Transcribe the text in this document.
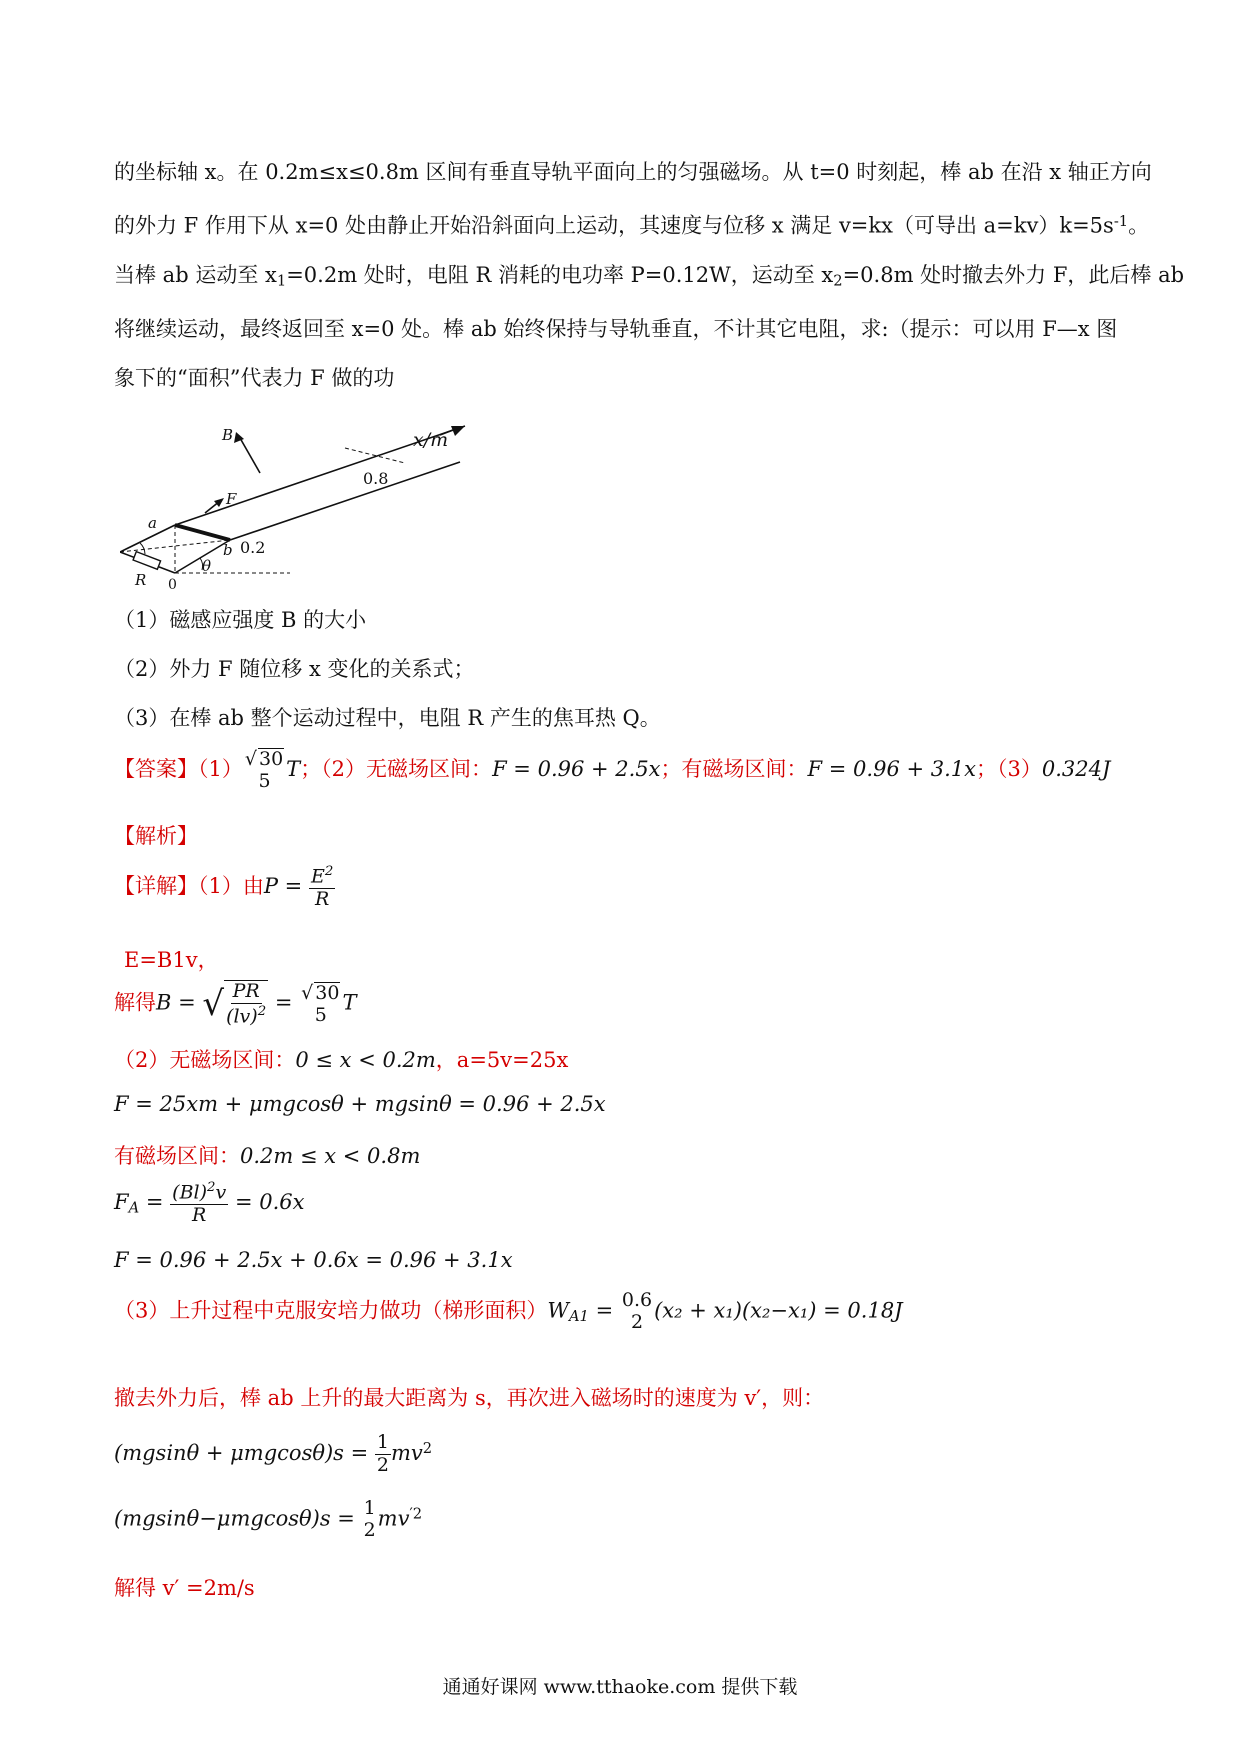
的坐标轴 x。在 0.2m≤x≤0.8m 区间有垂直导轨平面向上的匀强磁场。从 t=0 时刻起，棒 ab 在沿 x 轴正方向

的外力 F 作用下从 x=0 处由静止开始沿斜面向上运动，其速度与位移 x 满足 v=kx（可导出 $a=kv)k=5s^{-1}$。

当棒 ab 运动至 x1=0.2m 处时，电阻 R 消耗的电功率 P=0.12W，运动至 x2=0.8m 处时撤去外力 F，此后棒 ab

将继续运动，最终返回至 x=0 处。棒 ab 始终保持与导轨垂直，不计其它电阻，求:（提示：可以用 F—x 图

象下的“面积”代表力 F 做的功

B	x/m
0.8
a
F
b 0.2
θ
R 0
（1）磁感应强度 B 的大小
（2）外力 F 随位移 x 变化的关系式；
（3）在棒 ab 整个运动过程中，电阻 R 产生的焦耳热 Q。
【答案】（1） √ 30
5 T；（2）无磁场区间：F = 0.96 + 2.5x；有磁场区间：F = 0.96 + 3.1x；（3）0.324J
【解析】
【详解】（1）由$P = \frac{E^2}{R}$
E=B1v，
解得B = √ $\frac{PR}{(lv)^2}$ = √ 30
5 T
（2）无磁场区间：0 ≤ x < 0.2m，a=5v=25x
F = 25xm + μmgcosθ + mgsinθ = 0.96 + 2.5x
有磁场区间：0.2m ≤ x < 0.8m
FA = $\frac{(Bl)^2v}{R} = 0.6x$
F = 0.96 + 2.5x + 0.6x = 0.96 + 3.1x
（3）上升过程中克服安培力做功（梯形面积）WA1 = 0.6
2 (x₂ + x₁)(x₂−x₁) = 0.18J
撤去外力后，棒 ab 上升的最大距离为 s，再次进入磁场时的速度为 v′，则：
$(mgsin\theta + \mu mgcos\theta)s = \frac{1}{2} mv^2$
(mgsinθ−μmgcosθ)s = 1
2 $mv^{'2}$
解得 v′ =2m/s
通通好课网 www.tthaoke.com 提供下载
